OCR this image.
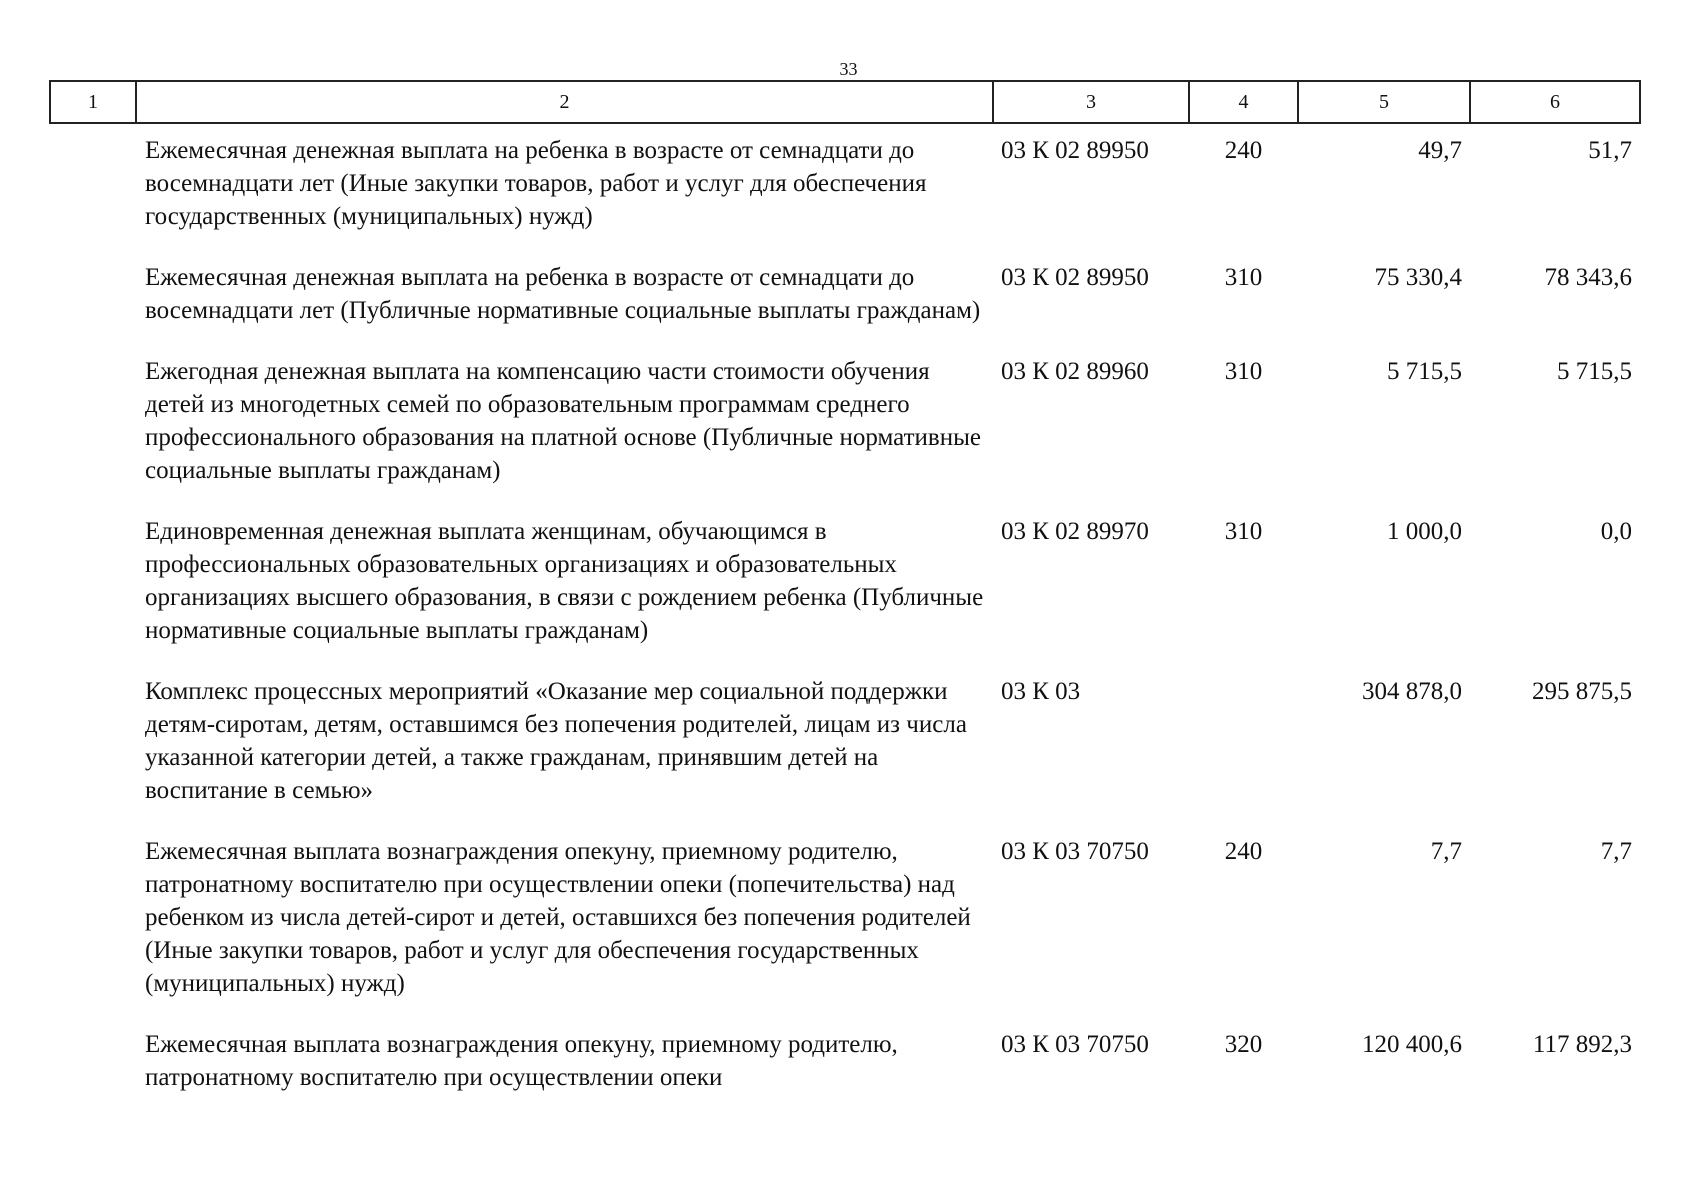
33
1	2	3	4	5	6
	Ежемесячная денежная выплата на ребенка в возрасте от семнадцати до восемнадцати лет (Иные закупки товаров, работ и услуг для обеспечения государственных (муниципальных) нужд)	03 К 02 89950	240	49,7	51,7
	Ежемесячная денежная выплата на ребенка в возрасте от семнадцати до восемнадцати лет (Публичные нормативные социальные выплаты гражданам)	03 К 02 89950	310	75 330,4	78 343,6
	Ежегодная денежная выплата на компенсацию части стоимости обучения детей из многодетных семей по образовательным программам среднего профессионального образования на платной основе (Публичные нормативные социальные выплаты гражданам)	03 К 02 89960	310	5 715,5	5 715,5
	Единовременная денежная выплата женщинам, обучающимся в профессиональных образовательных организациях и образовательных организациях высшего образования, в связи с рождением ребенка (Публичные нормативные социальные выплаты гражданам)	03 К 02 89970	310	1 000,0	0,0
	Комплекс процессных мероприятий «Оказание мер социальной поддержки детям-сиротам, детям, оставшимся без попечения родителей, лицам из числа указанной категории детей, а также гражданам, принявшим детей на воспитание в семью»	03 К 03		304 878,0	295 875,5
	Ежемесячная выплата вознаграждения опекуну, приемному родителю, патронатному воспитателю при осуществлении опеки (попечительства) над ребенком из числа детей-сирот и детей, оставшихся без попечения родителей (Иные закупки товаров, работ и услуг для обеспечения государственных (муниципальных) нужд)	03 К 03 70750	240	7,7	7,7
	Ежемесячная выплата вознаграждения опекуну, приемному родителю, патронатному воспитателю при осуществлении опеки	03 К 03 70750	320	120 400,6	117 892,3
